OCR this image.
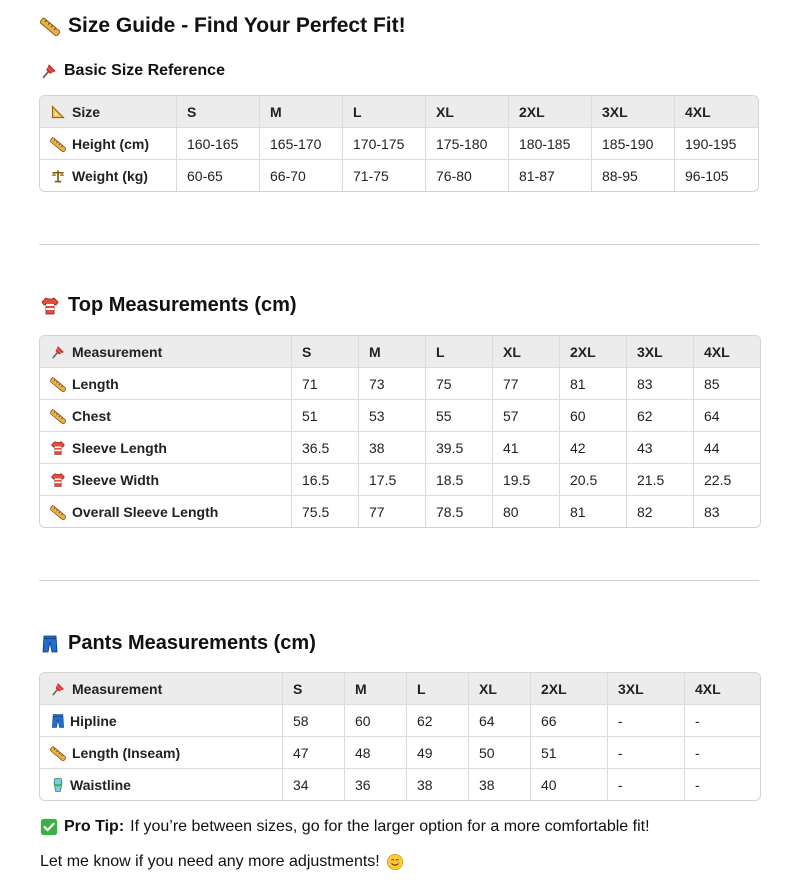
Size Guide - Find Your Perfect Fit!
Basic Size Reference
Size	S	M	L	XL	2XL	3XL	4XL

Height (cm)	160-165	165-170	170-175	175-180	180-185	185-190	190-195

Weight (kg)	60-65	66-70	71-75	76-80	81-87	88-95	96-105
Top Measurements (cm)
Measurement	S	M	L	XL	2XL	3XL	4XL

Length	71	73	75	77	81	83	85

Chest	51	53	55	57	60	62	64

Sleeve Length	36.5	38	39.5	41	42	43	44

Sleeve Width	16.5	17.5	18.5	19.5	20.5	21.5	22.5

Overall Sleeve Length	75.5	77	78.5	80	81	82	83
Pants Measurements (cm)
Measurement	S	M	L	XL	2XL	3XL	4XL

Hipline	58	60	62	64	66	-	-

Length (Inseam)	47	48	49	50	51	-	-

Waistline	34	36	38	38	40	-	-
Pro Tip: If you’re between sizes, go for the larger option for a more comfortable fit!
Let me know if you need any more adjustments!
